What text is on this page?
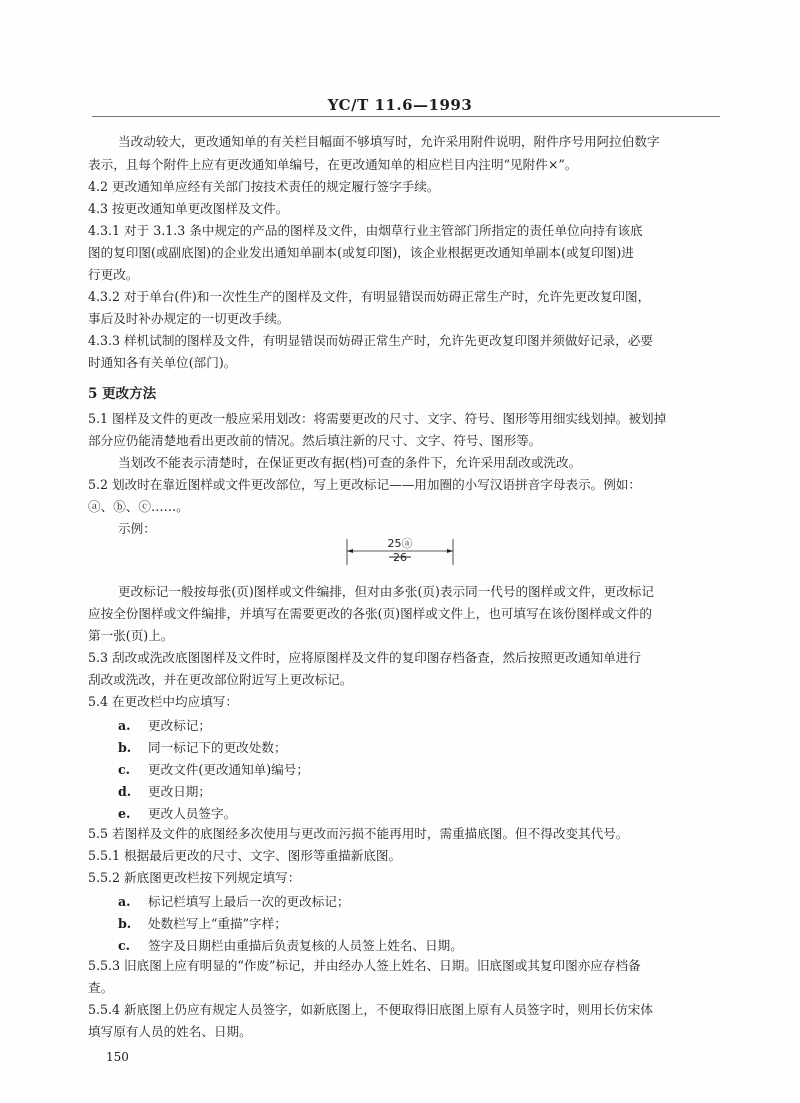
YC/T 11.6—1993
当改动较大，更改通知单的有关栏目幅面不够填写时，允许采用附件说明，附件序号用阿拉伯数字
表示，且每个附件上应有更改通知单编号，在更改通知单的相应栏目内注明“见附件×”。
4.2 更改通知单应经有关部门按技术责任的规定履行签字手续。
4.3 按更改通知单更改图样及文件。
4.3.1 对于 3.1.3 条中规定的产品的图样及文件，由烟草行业主管部门所指定的责任单位向持有该底
图的复印图(或副底图)的企业发出通知单副本(或复印图)，该企业根据更改通知单副本(或复印图)进
行更改。
4.3.2 对于单台(件)和一次性生产的图样及文件，有明显错误而妨碍正常生产时，允许先更改复印图，
事后及时补办规定的一切更改手续。
4.3.3 样机试制的图样及文件，有明显错误而妨碍正常生产时，允许先更改复印图并须做好记录，必要
时通知各有关单位(部门)。
5 更改方法
5.1 图样及文件的更改一般应采用划改：将需要更改的尺寸、文字、符号、图形等用细实线划掉。被划掉
部分应仍能清楚地看出更改前的情况。然后填注新的尺寸、文字、符号、图形等。
当划改不能表示清楚时，在保证更改有据(档)可查的条件下，允许采用刮改或洗改。
5.2 划改时在靠近图样或文件更改部位，写上更改标记——用加圈的小写汉语拼音字母表示。例如：
ⓐ、ⓑ、ⓒ……。
示例：
25ⓐ
26
更改标记一般按每张(页)图样或文件编排，但对由多张(页)表示同一代号的图样或文件，更改标记
应按全份图样或文件编排，并填写在需要更改的各张(页)图样或文件上，也可填写在该份图样或文件的
第一张(页)上。
5.3 刮改或洗改底图图样及文件时，应将原图样及文件的复印图存档备查，然后按照更改通知单进行
刮改或洗改，并在更改部位附近写上更改标记。
5.4 在更改栏中均应填写：
a. 更改标记；
b. 同一标记下的更改处数；
c. 更改文件(更改通知单)编号；
d. 更改日期；
e. 更改人员签字。
5.5 若图样及文件的底图经多次使用与更改而污损不能再用时，需重描底图。但不得改变其代号。
5.5.1 根据最后更改的尺寸、文字、图形等重描新底图。
5.5.2 新底图更改栏按下列规定填写：
a. 标记栏填写上最后一次的更改标记；
b. 处数栏写上“重描”字样；
c. 签字及日期栏由重描后负责复核的人员签上姓名、日期。
5.5.3 旧底图上应有明显的“作废”标记，并由经办人签上姓名、日期。旧底图或其复印图亦应存档备
查。
5.5.4 新底图上仍应有规定人员签字，如新底图上，不便取得旧底图上原有人员签字时，则用长仿宋体
填写原有人员的姓名、日期。
150
